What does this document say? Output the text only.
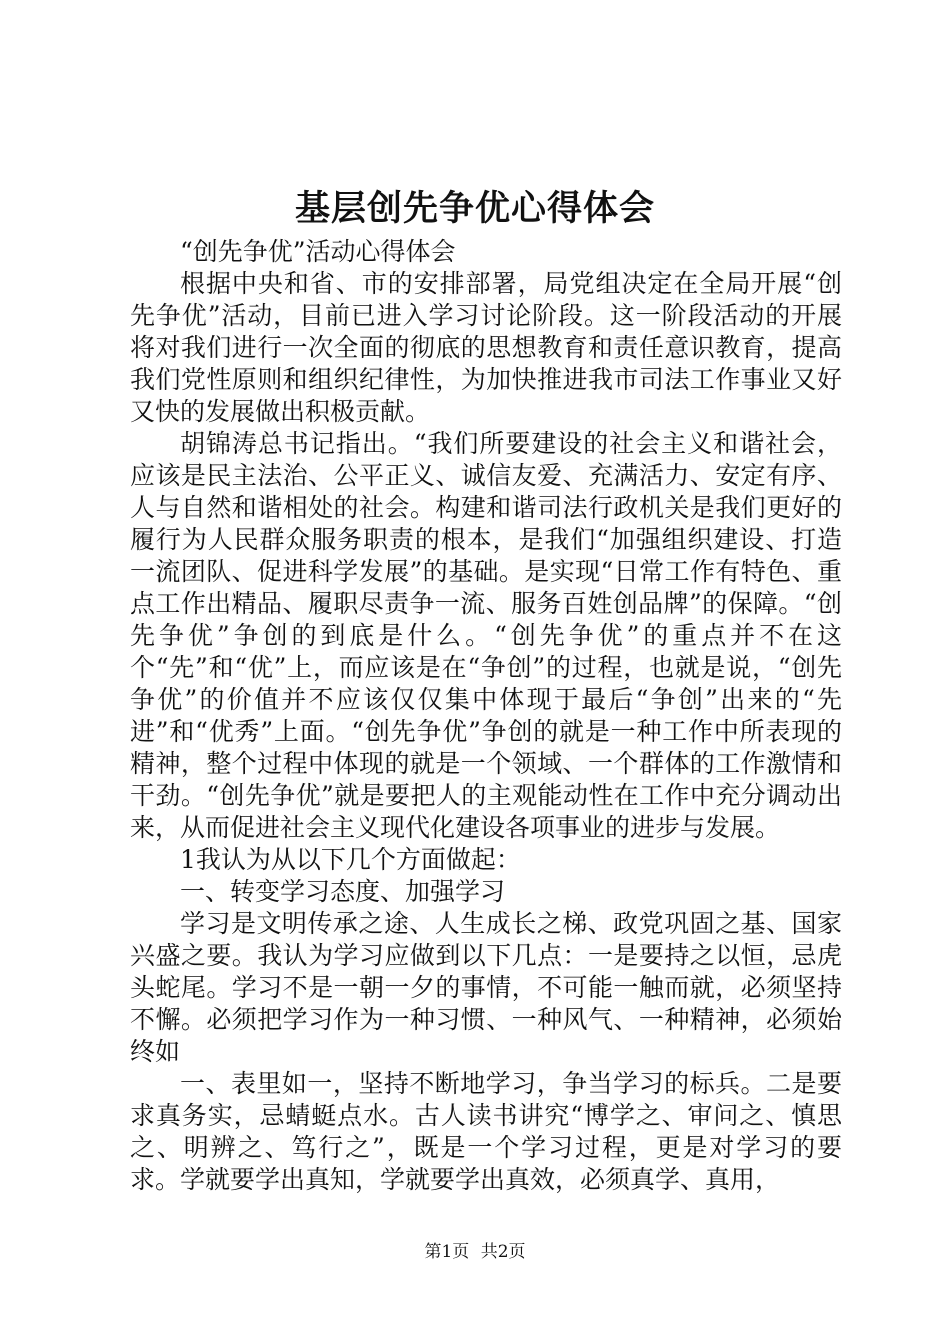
基层创先争优心得体会

“创先争优”活动心得体会

根据中央和省、市的安排部署，局党组决定在全局开展“创先争优”活动，目前已进入学习讨论阶段。这一阶段活动的开展将对我们进行一次全面的彻底的思想教育和责任意识教育，提高我们党性原则和组织纪律性，为加快推进我市司法工作事业又好又快的发展做出积极贡献。

胡锦涛总书记指出。“我们所要建设的社会主义和谐社会，应该是民主法治、公平正义、诚信友爱、充满活力、安定有序、人与自然和谐相处的社会。构建和谐司法行政机关是我们更好的履行为人民群众服务职责的根本，是我们“加强组织建设、打造一流团队、促进科学发展”的基础。是实现“日常工作有特色、重点工作出精品、履职尽责争一流、服务百姓创品牌”的保障。“创先争优”争创的到底是什么。“创先争优”的重点并不在这个“先”和“优”上，而应该是在“争创”的过程，也就是说，“创先争优”的价值并不应该仅仅集中体现于最后“争创”出来的“先进”和“优秀”上面。“创先争优”争创的就是一种工作中所表现的精神，整个过程中体现的就是一个领域、一个群体的工作激情和干劲。“创先争优”就是要把人的主观能动性在工作中充分调动出来，从而促进社会主义现代化建设各项事业的进步与发展。

1我认为从以下几个方面做起：

一、转变学习态度、加强学习

学习是文明传承之途、人生成长之梯、政党巩固之基、国家兴盛之要。我认为学习应做到以下几点：一是要持之以恒，忌虎头蛇尾。学习不是一朝一夕的事情，不可能一触而就，必须坚持不懈。必须把学习作为一种习惯、一种风气、一种精神，必须始终如

一、表里如一，坚持不断地学习，争当学习的标兵。二是要求真务实，忌蜻蜓点水。古人读书讲究“博学之、审问之、慎思之、明辨之、笃行之”，既是一个学习过程，更是对学习的要求。学就要学出真知，学就要学出真效，必须真学、真用，

第1页 共2页
